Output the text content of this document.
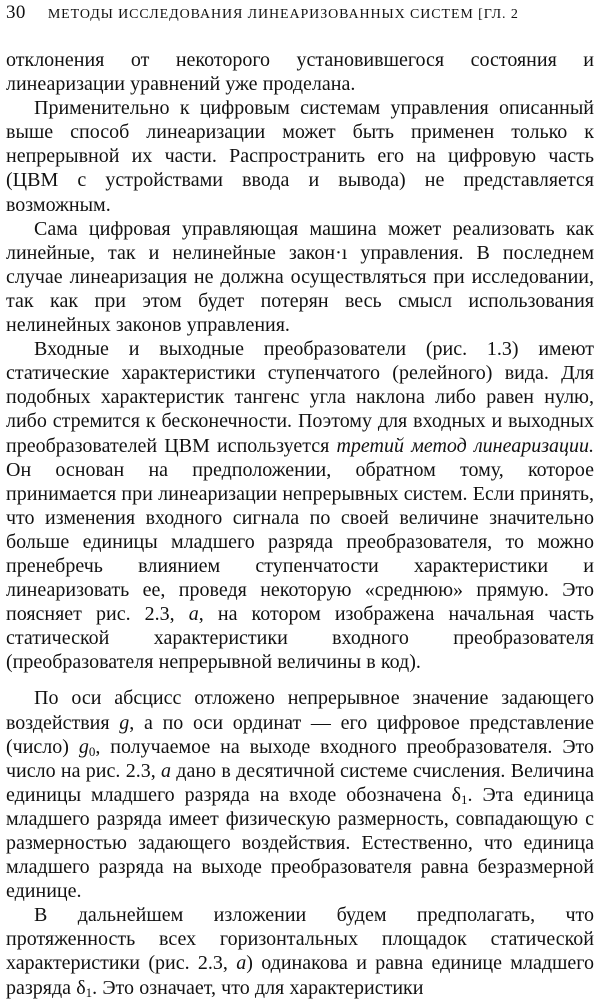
30 МЕТОДЫ ИССЛЕДОВАНИЯ ЛИНЕАРИЗОВАННЫХ СИСТЕМ [ГЛ. 2

отклонения от некоторого установившегося состояния и линеаризации уравнений уже проделана.

Применительно к цифровым системам управления описанный выше способ линеаризации может быть применен только к непрерывной их части. Распространить его на цифровую часть (ЦВМ с устройствами ввода и вывода) не представляется возможным.

Сама цифровая управляющая машина может реализовать как линейные, так и нелинейные закон·ı управления. В последнем случае линеаризация не должна осуществляться при исследовании, так как при этом будет потерян весь смысл использования нелинейных законов управления.

Входные и выходные преобразователи (рис. 1.3) имеют статические характеристики ступенчатого (релейного) вида. Для подобных характеристик тангенс угла наклона либо равен нулю, либо стремится к бесконечности. Поэтому для входных и выходных преобразователей ЦВМ используется третий метод линеаризации. Он основан на предположении, обратном тому, которое принимается при линеаризации непрерывных систем. Если принять, что изменения входного сигнала по своей величине значительно больше единицы младшего разряда преобразователя, то можно пренебречь влиянием ступенчатости характеристики и линеаризовать ее, проведя некоторую «среднюю» прямую. Это поясняет рис. 2.3, а, на котором изображена начальная часть статической характеристики входного преобразователя (преобразователя непрерывной величины в код).

По оси абсцисс отложено непрерывное значение задающего воздействия g, а по оси ординат — его цифровое представление (число) $g_0$, получаемое на выходе входного преобразователя. Это число на рис. 2.3, а дано в десятичной системе счисления. Величина единицы младшего разряда на входе обозначена $\delta_1$. Эта единица младшего разряда имеет физическую размерность, совпадающую с размерностью задающего воздействия. Естественно, что единица младшего разряда на выходе преобразователя равна безразмерной единице.

В дальнейшем изложении будем предполагать, что протяженность всех горизонтальных площадок статической характеристики (рис. 2.3, а) одинакова и равна единице младшего разряда $\delta_1$. Это означает, что для характеристики
